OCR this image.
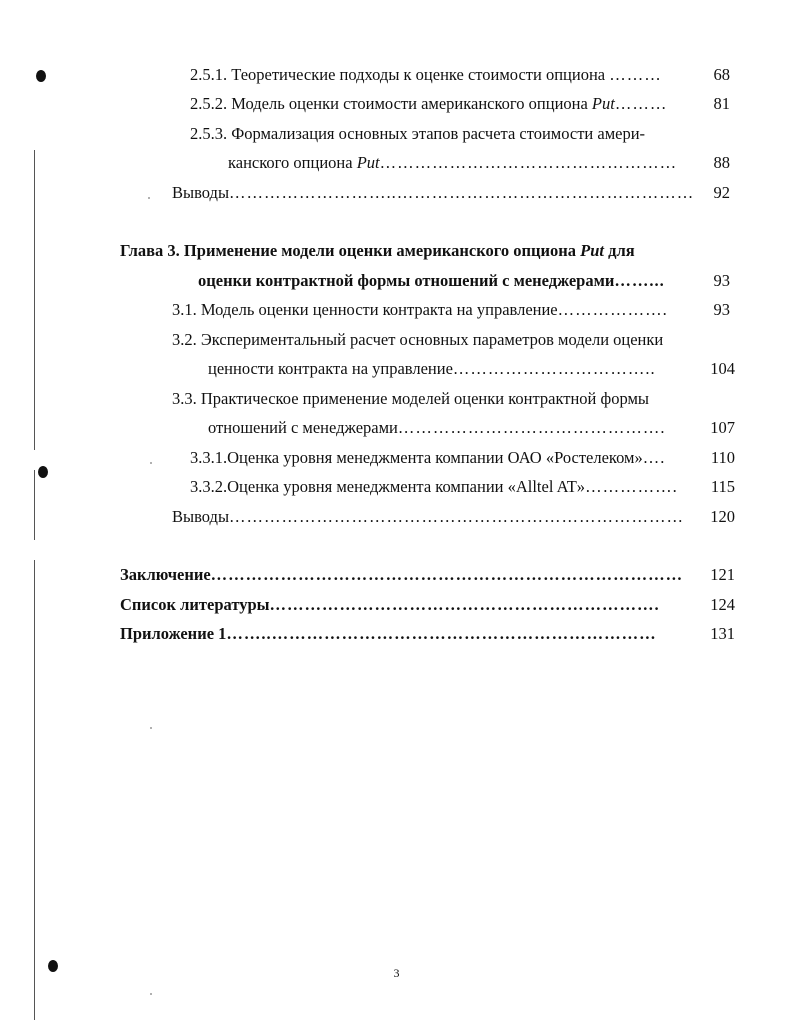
2.5.1. Теоретические подходы к оценке стоимости опциона ………	68
2.5.2. Модель оценки стоимости американского опциона Put………	81
2.5.3. Формализация основных этапов расчета стоимости амери-
канского опциона Put……………………………………………	88
Выводы………………………..……………………………………………	92
Глава 3. Применение модели оценки американского опциона Put для
оценки контрактной формы отношений с менеджерами……...	93
3.1. Модель оценки ценности контракта на управление……………….	93
3.2. Экспериментальный расчет основных параметров модели оценки
ценности контракта на управление……………………………..	104
3.3. Практическое применение моделей оценки контрактной формы
отношений с менеджерами……………………………………….	107
3.3.1.Оценка уровня менеджмента компании ОАО «Ростелеком»….	110
3.3.2.Оценка уровня менеджмента компании «Alltel AT»…………….	115
Выводы……………………………………………………………………	120
Заключение………………………………………………………………………	121
Список литературы………………………………………………………….	124
Приложение 1……..…………………………………………………………	131
3
